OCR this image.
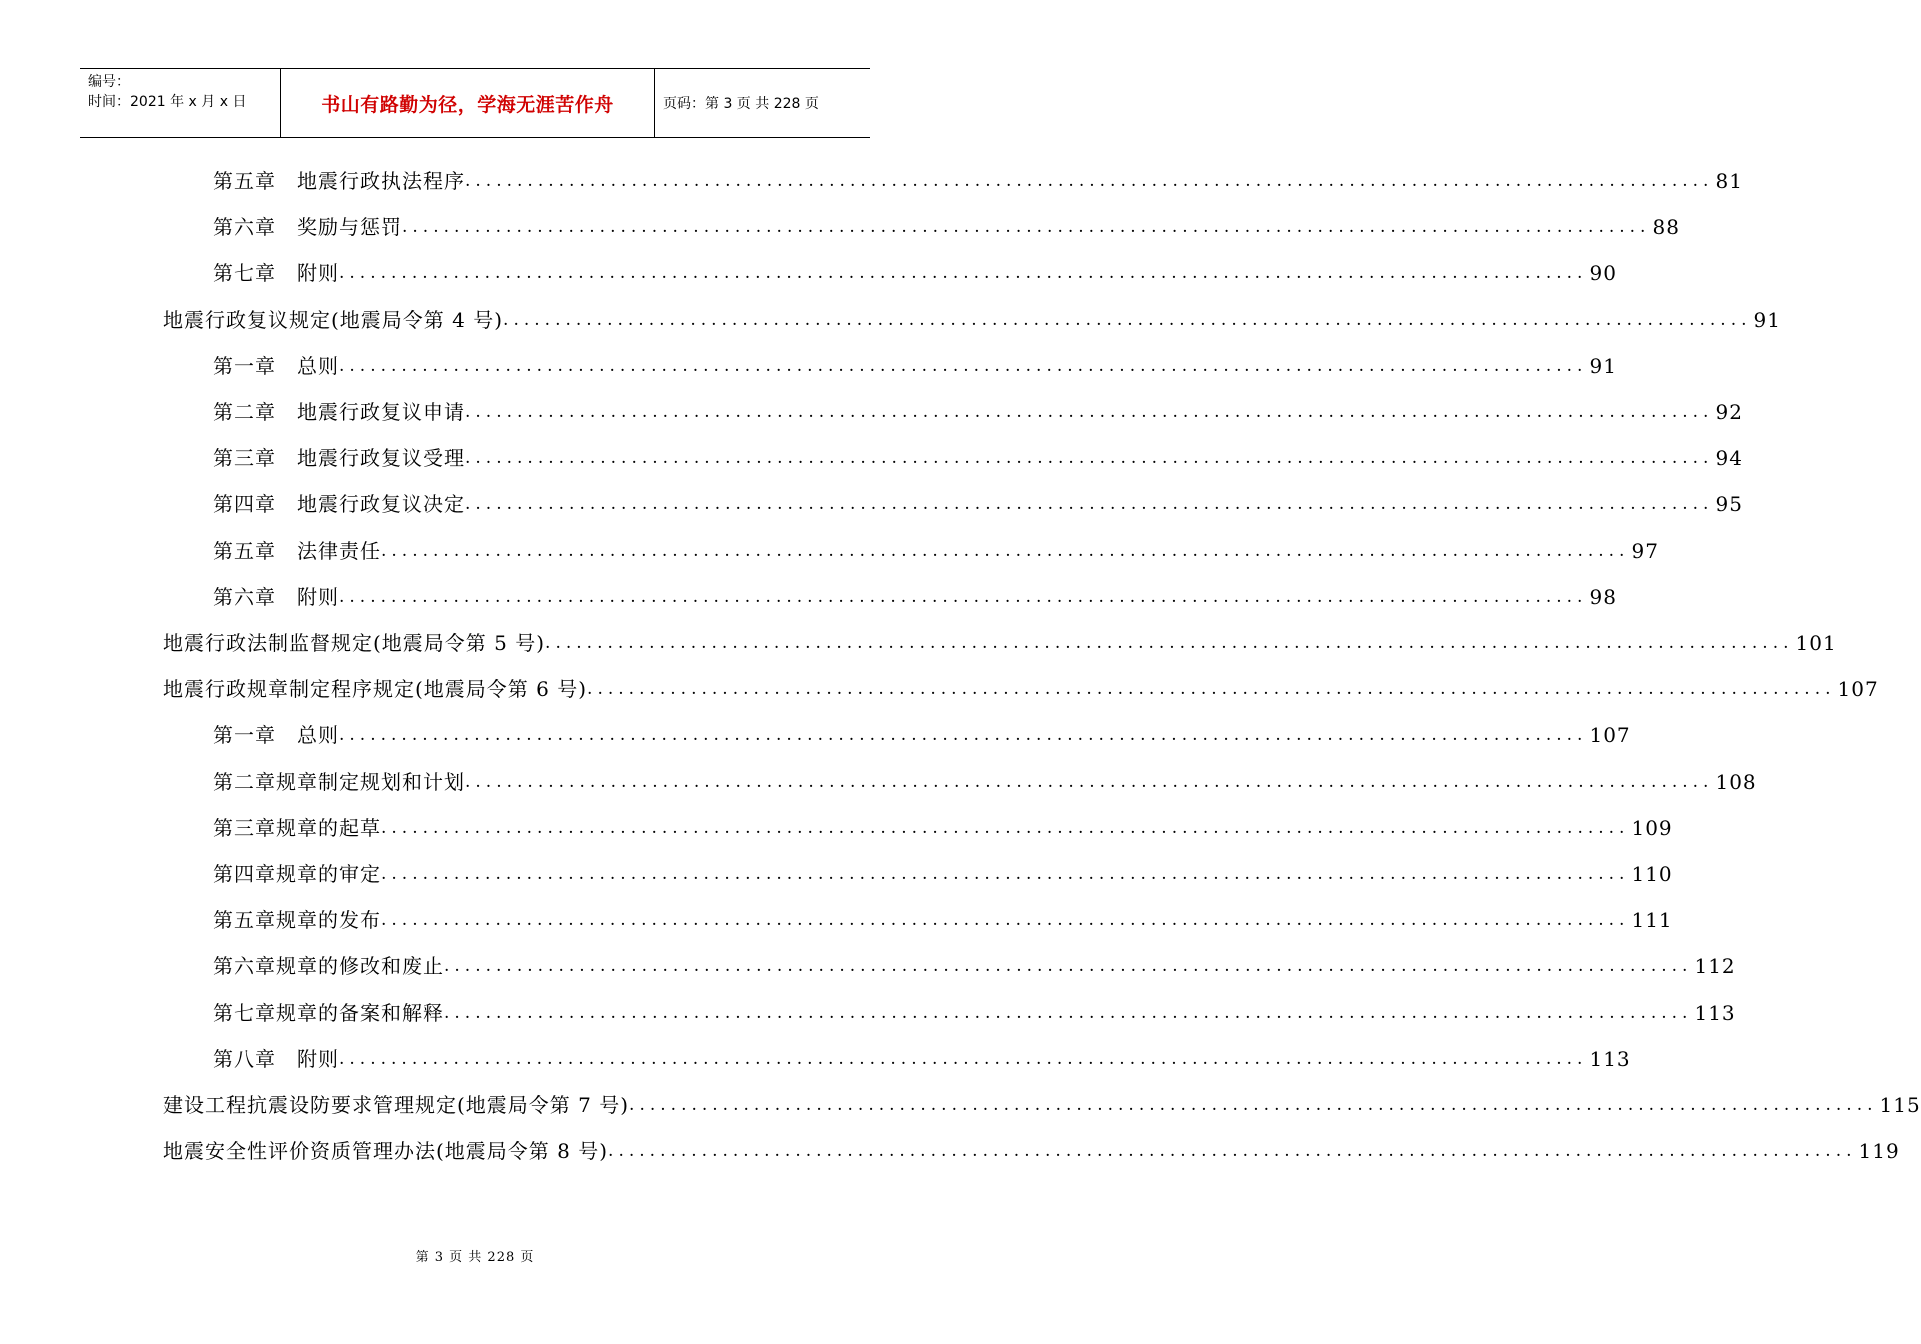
编号：
时间：2021 年 x 月 x 日	书山有路勤为径，学海无涯苦作舟	页码：第 3 页 共 228 页
第五章　地震行政执法程序 ........................................................................................................................ 81
第六章　奖励与惩罚 ........................................................................................................................ 88
第七章　附则 ........................................................................................................................ 90
地震行政复议规定(地震局令第 4 号) ........................................................................................................................ 91
第一章　总则 ........................................................................................................................ 91
第二章　地震行政复议申请 ........................................................................................................................ 92
第三章　地震行政复议受理 ........................................................................................................................ 94
第四章　地震行政复议决定 ........................................................................................................................ 95
第五章　法律责任 ........................................................................................................................ 97
第六章　附则 ........................................................................................................................ 98
地震行政法制监督规定(地震局令第 5 号) ........................................................................................................................ 101
地震行政规章制定程序规定(地震局令第 6 号) ........................................................................................................................ 107
第一章　总则 ........................................................................................................................ 107
第二章规章制定规划和计划 ........................................................................................................................ 108
第三章规章的起草 ........................................................................................................................ 109
第四章规章的审定 ........................................................................................................................ 110
第五章规章的发布 ........................................................................................................................ 111
第六章规章的修改和废止 ........................................................................................................................ 112
第七章规章的备案和解释 ........................................................................................................................ 113
第八章　附则 ........................................................................................................................ 113
建设工程抗震设防要求管理规定(地震局令第 7 号) ........................................................................................................................ 115
地震安全性评价资质管理办法(地震局令第 8 号) ........................................................................................................................ 119
第 3 页 共 228 页
